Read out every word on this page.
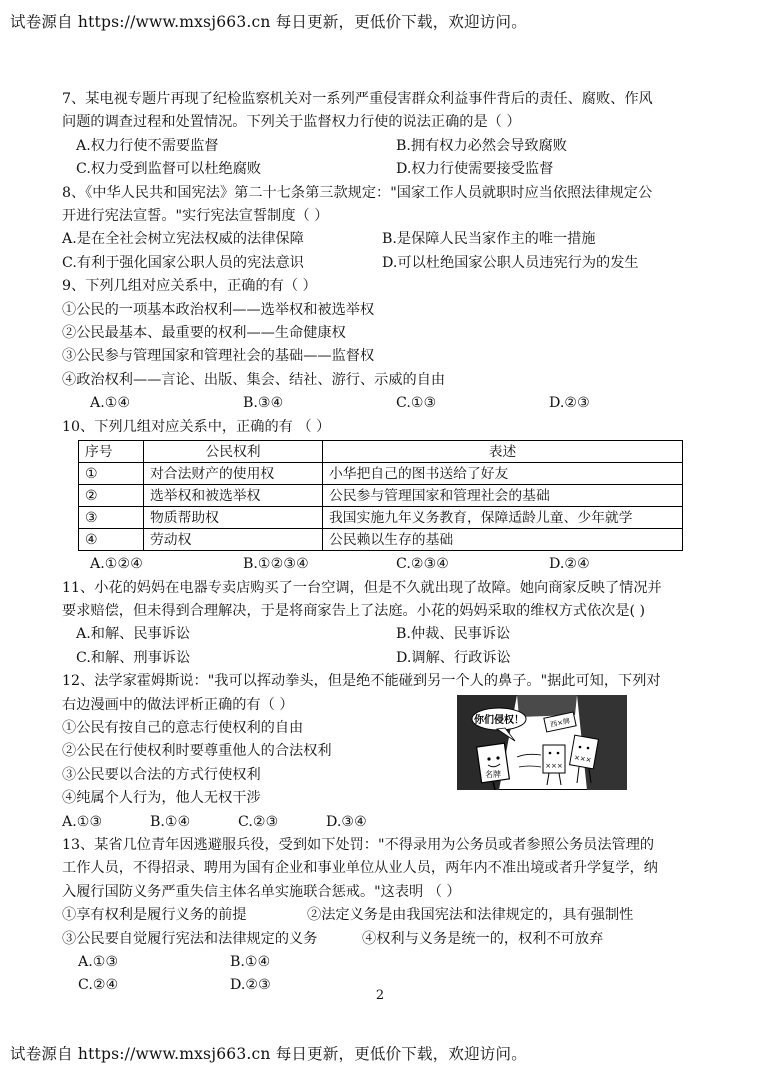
试卷源自 https://www.mxsj663.cn 每日更新，更低价下载，欢迎访问。
7、某电视专题片再现了纪检监察机关对一系列严重侵害群众利益事件背后的责任、腐败、作风
问题的调查过程和处置情况。下列关于监督权力行使的说法正确的是（ ）
A.权力行使不需要监督	B.拥有权力必然会导致腐败
C.权力受到监督可以杜绝腐败	D.权力行使需要接受监督
8、《中华人民共和国宪法》第二十七条第三款规定："国家工作人员就职时应当依照法律规定公
开进行宪法宣誓。"实行宪法宣誓制度（ ）
A.是在全社会树立宪法权威的法律保障	B.是保障人民当家作主的唯一措施
C.有利于强化国家公职人员的宪法意识	D.可以杜绝国家公职人员违宪行为的发生
9、下列几组对应关系中，正确的有（ ）
①公民的一项基本政治权利——选举权和被选举权
②公民最基本、最重要的权利——生命健康权
③公民参与管理国家和管理社会的基础——监督权
④政治权利——言论、出版、集会、结社、游行、示威的自由
A.①④	B.③④	C.①③	D.②③
10、下列几组对应关系中，正确的有 （ ）
序号	公民权利	表述
①	对合法财产的使用权	小华把自己的图书送给了好友
②	选举权和被选举权	公民参与管理国家和管理社会的基础
③	物质帮助权	我国实施九年义务教育，保障适龄儿童、少年就学
④	劳动权	公民赖以生存的基础
A.①②④	B.①②③④	C.②③④	D.②④
11、小花的妈妈在电器专卖店购买了一台空调，但是不久就出现了故障。她向商家反映了情况并
要求赔偿，但未得到合理解决，于是将商家告上了法庭。小花的妈妈采取的维权方式依次是( )
A.和解、民事诉讼	B.仲裁、民事诉讼
C.和解、刑事诉讼	D.调解、行政诉讼
12、法学家霍姆斯说："我可以挥动拳头，但是绝不能碰到另一个人的鼻子。"据此可知，下列对
右边漫画中的做法评析正确的有（ ）
①公民有按自己的意志行使权利的自由
②公民在行使权利时要尊重他人的合法权利
③公民要以合法的方式行使权利
④纯属个人行为，他人无权干涉
A.①③	B.①④	C.②③	D.③④
你们侵权！
名牌
西×牌
×××
×××
13、某省几位青年因逃避服兵役，受到如下处罚："不得录用为公务员或者参照公务员法管理的
工作人员，不得招录、聘用为国有企业和事业单位从业人员，两年内不准出境或者升学复学，纳
入履行国防义务严重失信主体名单实施联合惩戒。"这表明 （ ）
①享有权利是履行义务的前提	②法定义务是由我国宪法和法律规定的，具有强制性
③公民要自觉履行宪法和法律规定的义务	④权利与义务是统一的，权利不可放弃
A.①③	B.①④
C.②④	D.②③
2
试卷源自 https://www.mxsj663.cn 每日更新，更低价下载，欢迎访问。
